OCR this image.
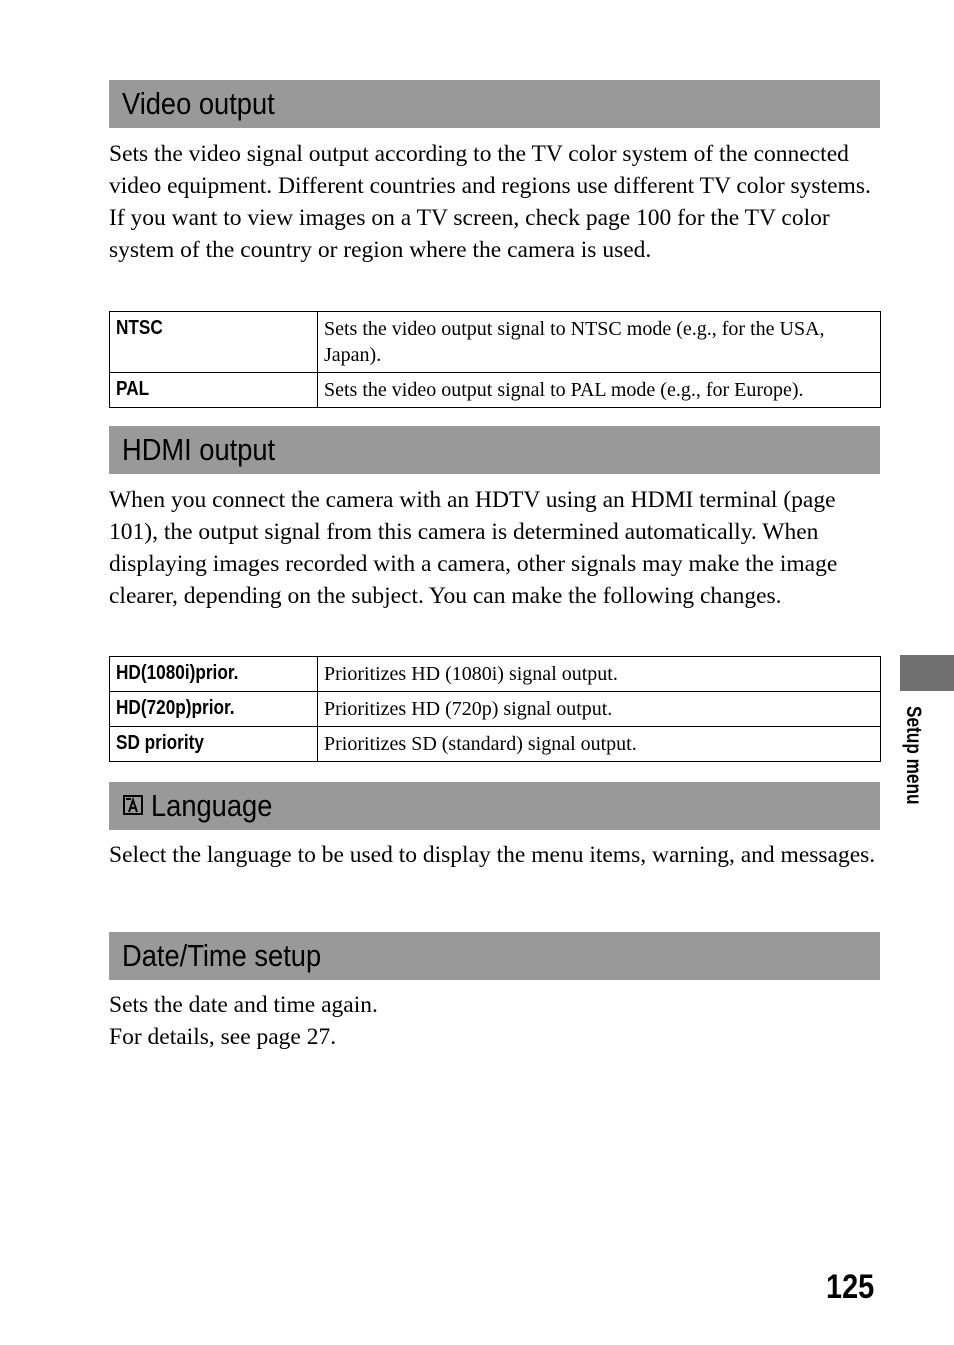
Video output

Sets the video signal output according to the TV color system of the connected video equipment. Different countries and regions use different TV color systems. If you want to view images on a TV screen, check page 100 for the TV color system of the country or region where the camera is used.

NTSC	Sets the video output signal to NTSC mode (e.g., for the USA, Japan).
PAL	Sets the video output signal to PAL mode (e.g., for Europe).
HDMI output

When you connect the camera with an HDTV using an HDMI terminal (page 101), the output signal from this camera is determined automatically. When displaying images recorded with a camera, other signals may make the image clearer, depending on the subject. You can make the following changes.

HD(1080i)prior.	Prioritizes HD (1080i) signal output.
HD(720p)prior.	Prioritizes HD (720p) signal output.
SD priority	Prioritizes SD (standard) signal output.
Language

Select the language to be used to display the menu items, warning, and messages.

Date/Time setup
Sets the date and time again.
For details, see page 27.
Setup menu
125
